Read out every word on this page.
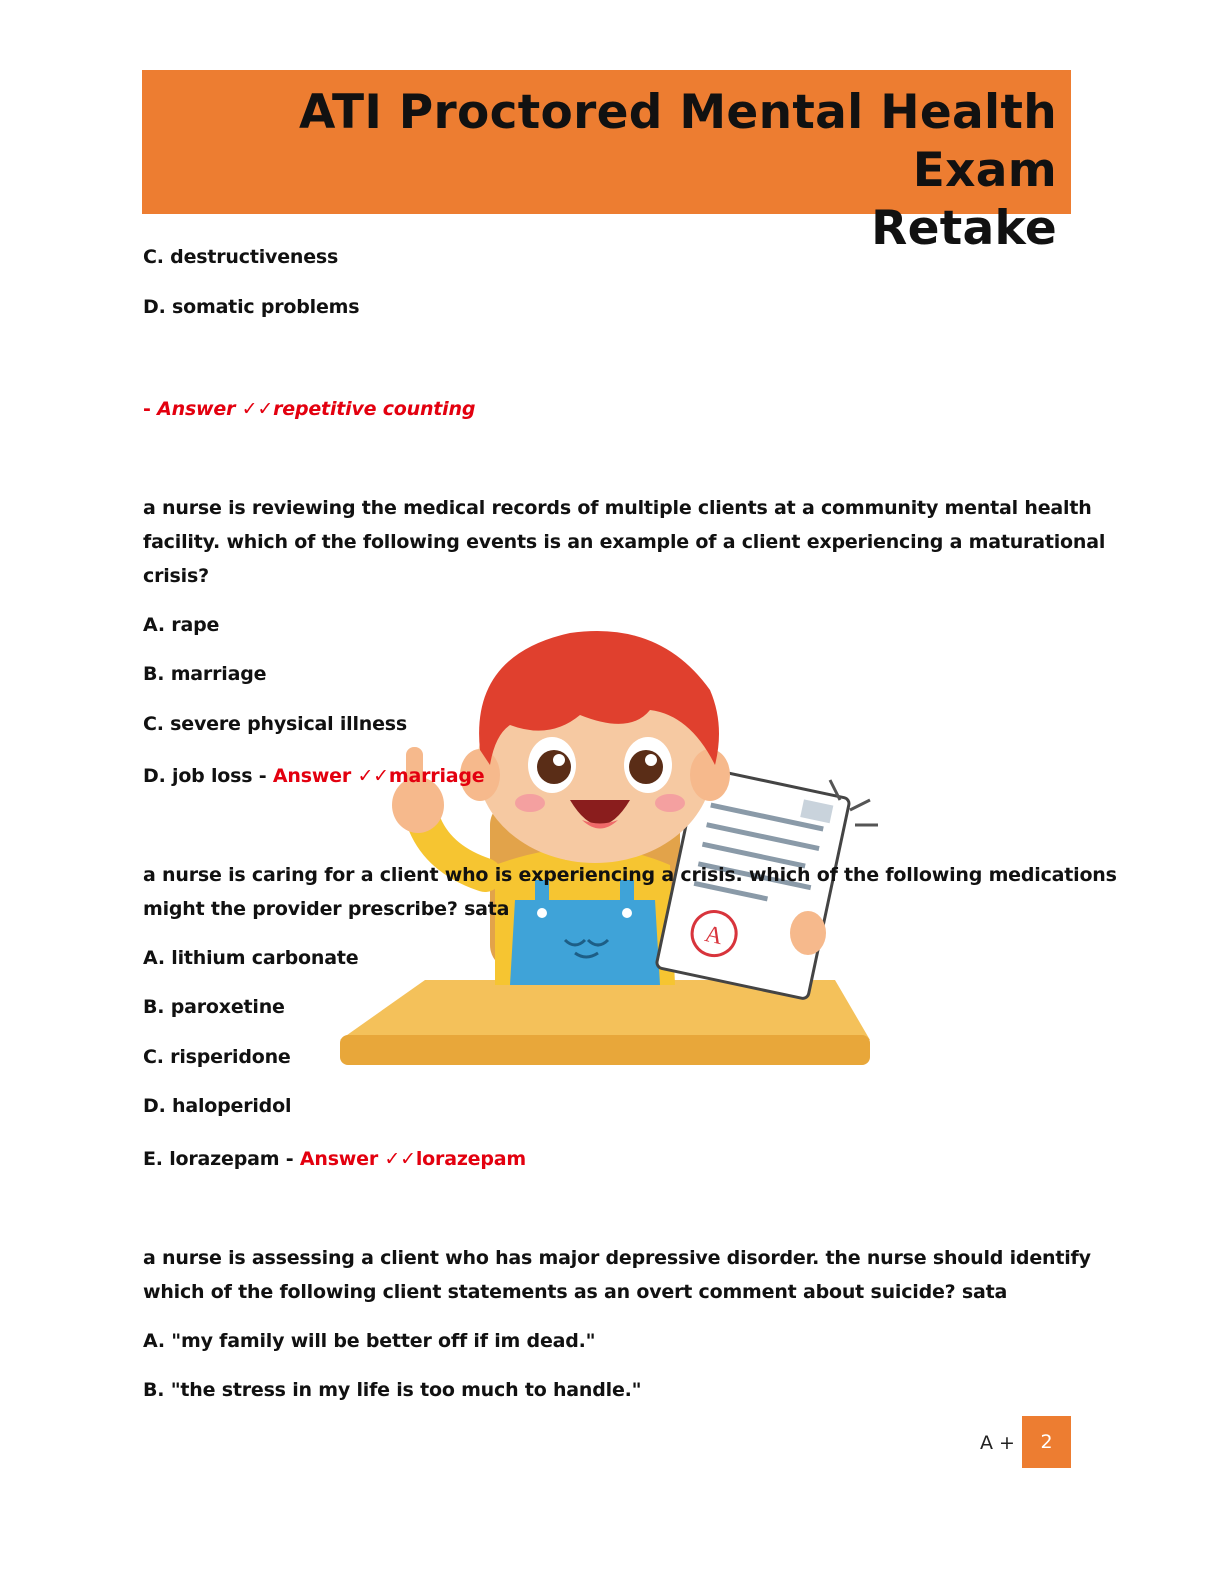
ATI Proctored Mental Health Exam
Retake
A
C. destructiveness
D. somatic problems
- Answer ✓✓repetitive counting
a nurse is reviewing the medical records of multiple clients at a community mental health
facility. which of the following events is an example of a client experiencing a maturational
crisis?
A. rape
B. marriage
C. severe physical illness
D. job loss - Answer ✓✓marriage
a nurse is caring for a client who is experiencing a crisis. which of the following medications
might the provider prescribe? sata
A. lithium carbonate
B. paroxetine
C. risperidone
D. haloperidol
E. lorazepam - Answer ✓✓lorazepam
a nurse is assessing a client who has major depressive disorder. the nurse should identify
which of the following client statements as an overt comment about suicide? sata
A. "my family will be better off if im dead."
B. "the stress in my life is too much to handle."
A +	2
